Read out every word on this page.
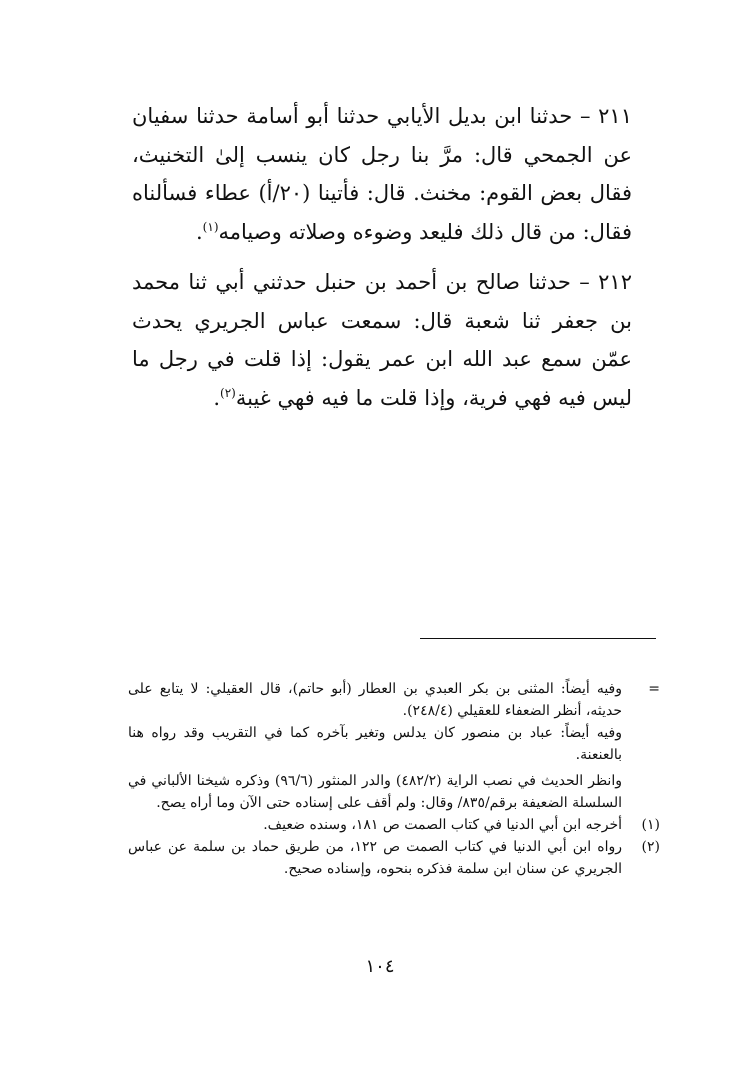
٢١١ – حدثنا ابن بديل الأيابي حدثنا أبو أسامة حدثنا سفيان عن الجمحي قال: مرَّ بنا رجل كان ينسب إلىٰ التخنيث، فقال بعض القوم: مخنث. قال: فأتينا (٢٠/أ) عطاء فسألناه فقال: من قال ذلك فليعد وضوءه وصلاته وصيامه$^{(١)}$.

٢١٢ – حدثنا صالح بن أحمد بن حنبل حدثني أبي ثنا محمد بن جعفر ثنا شعبة قال: سمعت عباس الجريري يحدث عمّن سمع عبد الله ابن عمر يقول: إذا قلت في رجل ما ليس فيه فهي فرية، وإذا قلت ما فيه فهي غيبة$^{(٢)}$.

=
وفيه أيضاً: المثنى بن بكر العبدي بن العطار (أبو حاتم)، قال العقيلي: لا يتابع على حديثه، أنظر الضعفاء للعقيلي (٢٤٨/٤).
وفيه أيضاً: عباد بن منصور كان يدلس وتغير بآخره كما في التقريب وقد رواه هنا بالعنعنة.
وانظر الحديث في نصب الراية (٤٨٢/٢) والدر المنثور (٩٦/٦) وذكره شيخنا الألباني في السلسلة الضعيفة برقم/٨٣٥/ وقال: ولم أقف على إسناده حتى الآن وما أراه يصح.
(١)
أخرجه ابن أبي الدنيا في كتاب الصمت ص ١٨١، وسنده ضعيف.
(٢)
رواه ابن أبي الدنيا في كتاب الصمت ص ١٢٢، من طريق حماد بن سلمة عن عباس الجريري عن سنان ابن سلمة فذكره بنحوه، وإسناده صحيح.
١٠٤
